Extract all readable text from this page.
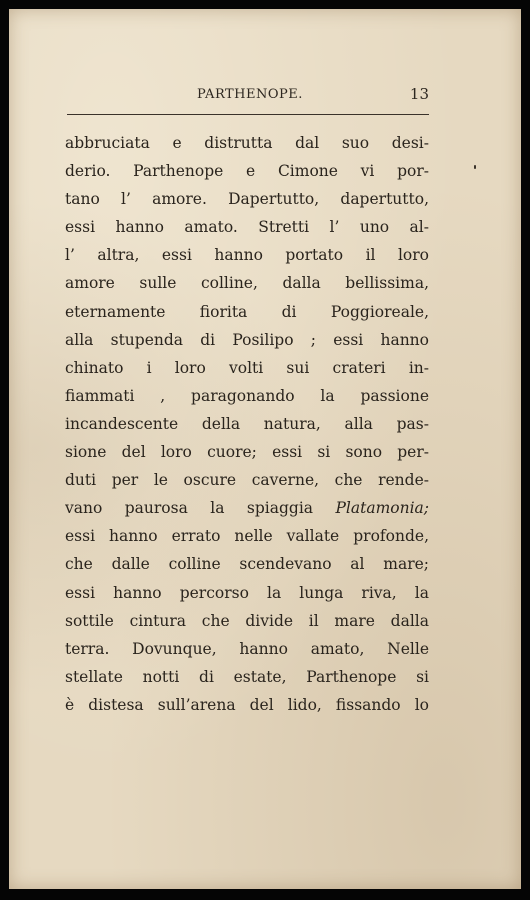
PARTHENOPE.	13
abbruciata e distrutta dal suo desi-
derio. Parthenope e Cimone vi por-
tano l’ amore. Dapertutto, dapertutto,
essi hanno amato. Stretti l’ uno al-
l’ altra, essi hanno portato il loro
amore sulle colline, dalla bellissima,
eternamente fiorita di Poggioreale,
alla stupenda di Posilipo ; essi hanno
chinato i loro volti sui crateri in-
fiammati , paragonando la passione
incandescente della natura, alla pas-
sione del loro cuore; essi si sono per-
duti per le oscure caverne, che rende-
vano paurosa la spiaggia Platamonia;
essi hanno errato nelle vallate profonde,
che dalle colline scendevano al mare;
essi hanno percorso la lunga riva, la
sottile cintura che divide il mare dalla
terra. Dovunque, hanno amato, Nelle
stellate notti di estate, Parthenope si
è distesa sull’arena del lido, fissando lo
